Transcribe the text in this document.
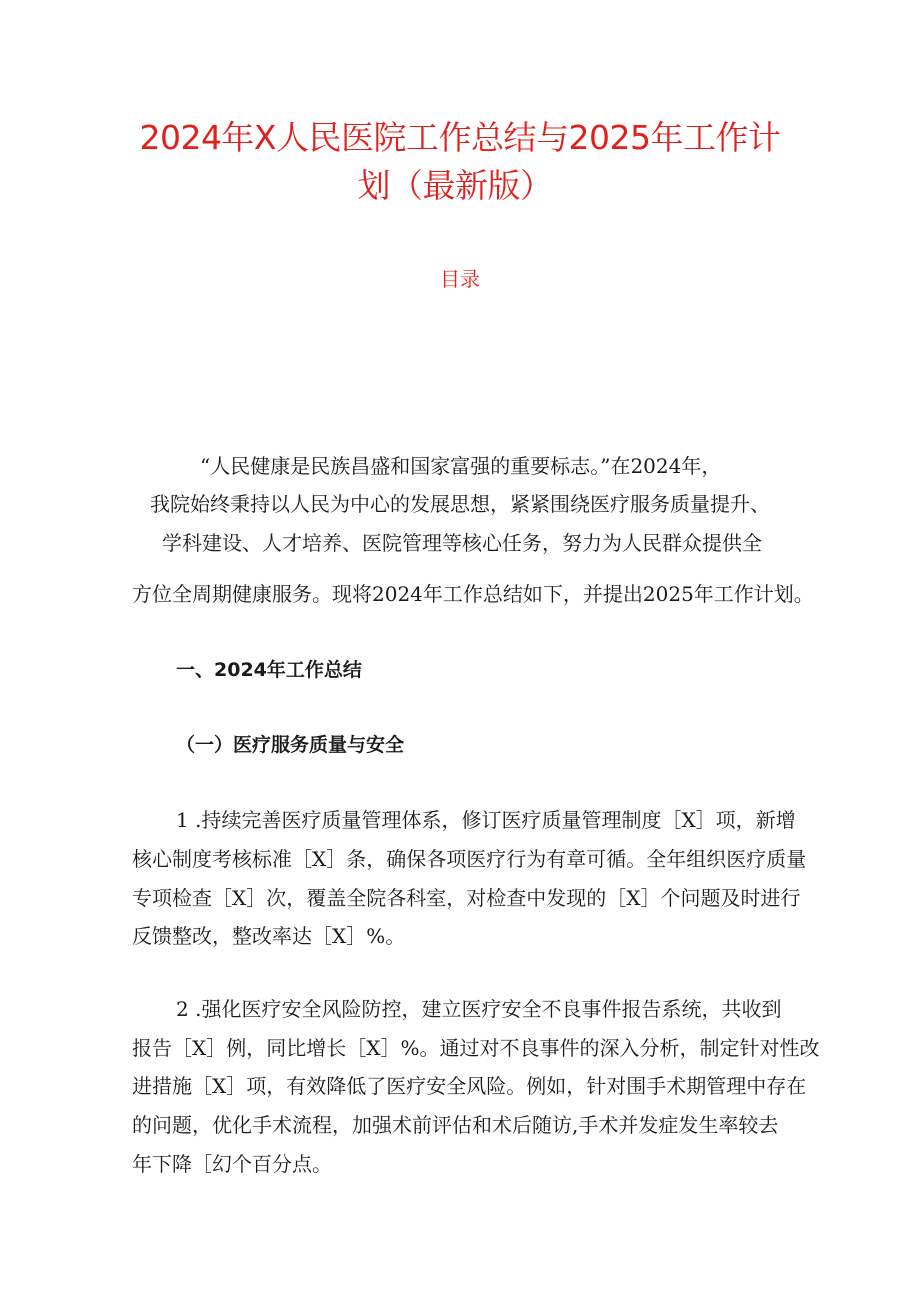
2024年X人民医院工作总结与2025年工作计
划（最新版）
目录
“人民健康是民族昌盛和国家富强的重要标志。”在2024年，
我院始终秉持以人民为中心的发展思想，紧紧围绕医疗服务质量提升、
学科建设、人才培养、医院管理等核心任务，努力为人民群众提供全
方位全周期健康服务。现将2024年工作总结如下，并提出2025年工作计划。
一、2024年工作总结
（一）医疗服务质量与安全
1 .持续完善医疗质量管理体系，修订医疗质量管理制度［X］项，新增
核心制度考核标准［X］条，确保各项医疗行为有章可循。全年组织医疗质量
专项检查［X］次，覆盖全院各科室，对检查中发现的［X］个问题及时进行
反馈整改，整改率达［X］%。
2 .强化医疗安全风险防控，建立医疗安全不良事件报告系统，共收到
报告［X］例，同比增长［X］%。通过对不良事件的深入分析，制定针对性改
进措施［X］项，有效降低了医疗安全风险。例如，针对围手术期管理中存在
的问题，优化手术流程，加强术前评估和术后随访,手术并发症发生率较去
年下降［幻个百分点。
